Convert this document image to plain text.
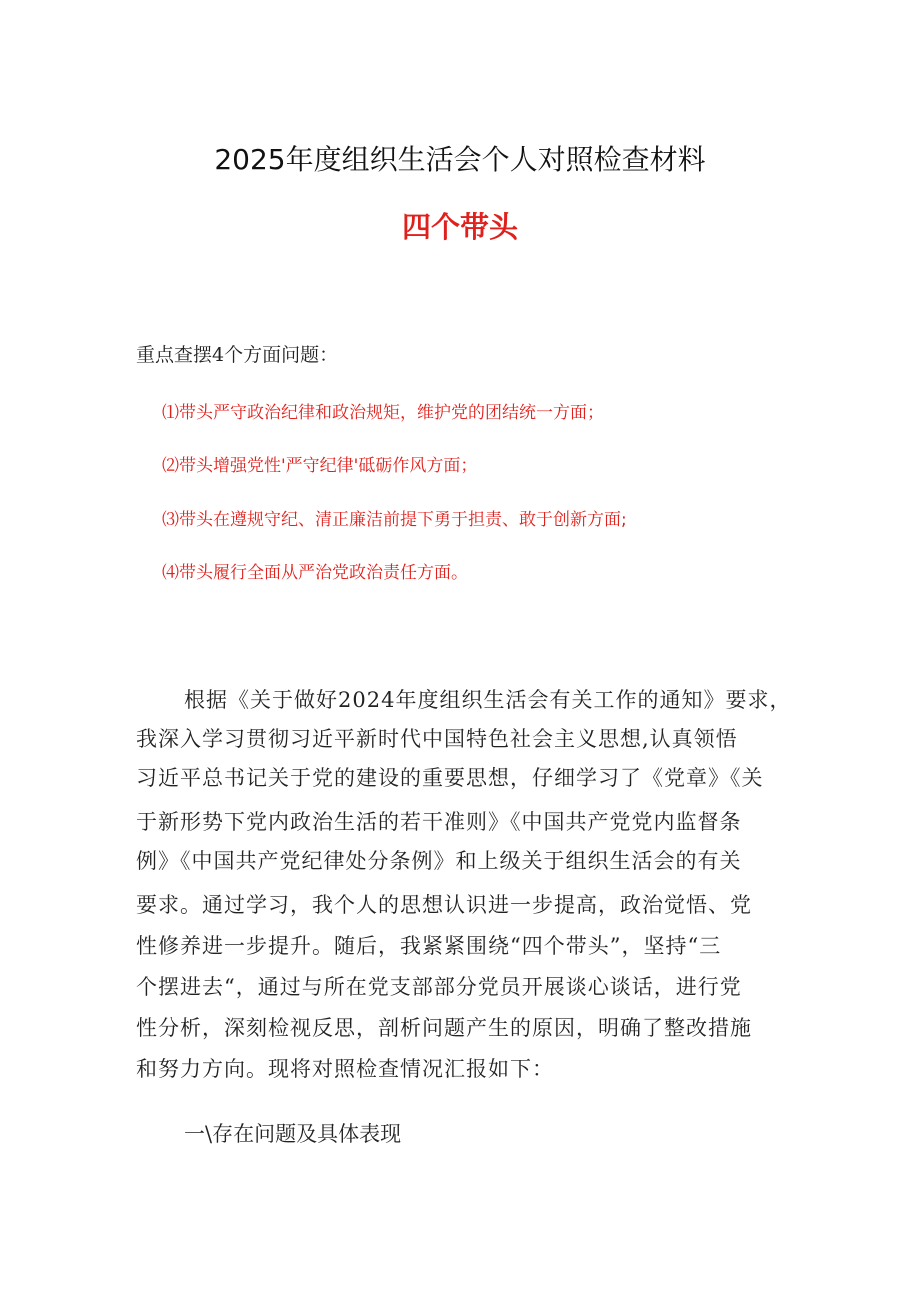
2025年度组织生活会个人对照检查材料
四个带头
重点查摆4个方面问题：
⑴带头严守政治纪律和政治规矩，维护党的团结统一方面；
⑵带头增强党性'严守纪律'砥砺作风方面；
⑶带头在遵规守纪、清正廉洁前提下勇于担责、敢于创新方面;
⑷带头履行全面从严治党政治责任方面。
根据《关于做好2024年度组织生活会有关工作的通知》要求，
我深入学习贯彻习近平新时代中国特色社会主义思想,认真领悟
习近平总书记关于党的建设的重要思想，仔细学习了《党章》《关
于新形势下党内政治生活的若干准则》《中国共产党党内监督条
例》《中国共产党纪律处分条例》和上级关于组织生活会的有关
要求。通过学习，我个人的思想认识进一步提高，政治觉悟、党
性修养进一步提升。随后，我紧紧围绕“四个带头”，坚持“三
个摆进去“，通过与所在党支部部分党员开展谈心谈话，进行党
性分析，深刻检视反思，剖析问题产生的原因，明确了整改措施
和努力方向。现将对照检查情况汇报如下：
一\存在问题及具体表现
